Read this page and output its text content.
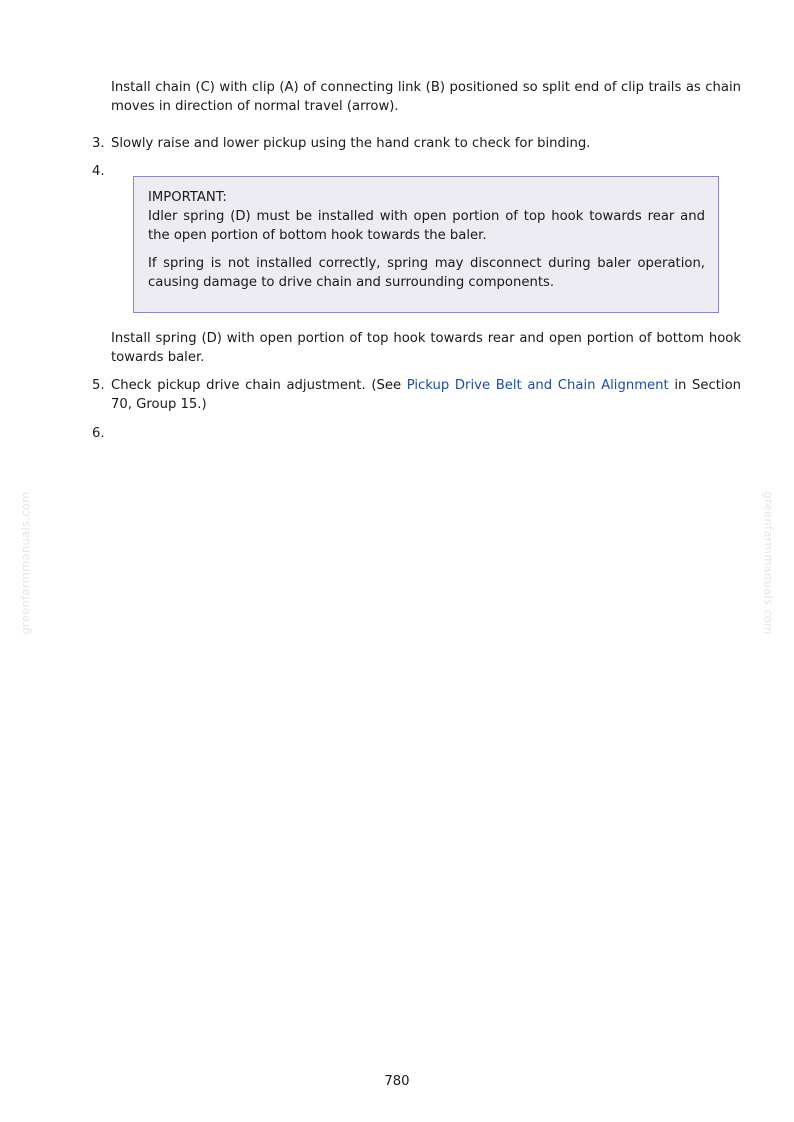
Install chain (C) with clip (A) of connecting link (B) positioned so split end of clip trails as chain moves in direction of normal travel (arrow).

3. Slowly raise and lower pickup using the hand crank to check for binding.

4.

IMPORTANT:

Idler spring (D) must be installed with open portion of top hook towards rear and the open portion of bottom hook towards the baler.

If spring is not installed correctly, spring may disconnect during baler operation, causing damage to drive chain and surrounding components.

Install spring (D) with open portion of top hook towards rear and open portion of bottom hook towards baler.

5. Check pickup drive chain adjustment. (See Pickup Drive Belt and Chain Alignment in Section 70, Group 15.)

6.

greenfarmmanuals.com	greenfarmmanuals.com

780
